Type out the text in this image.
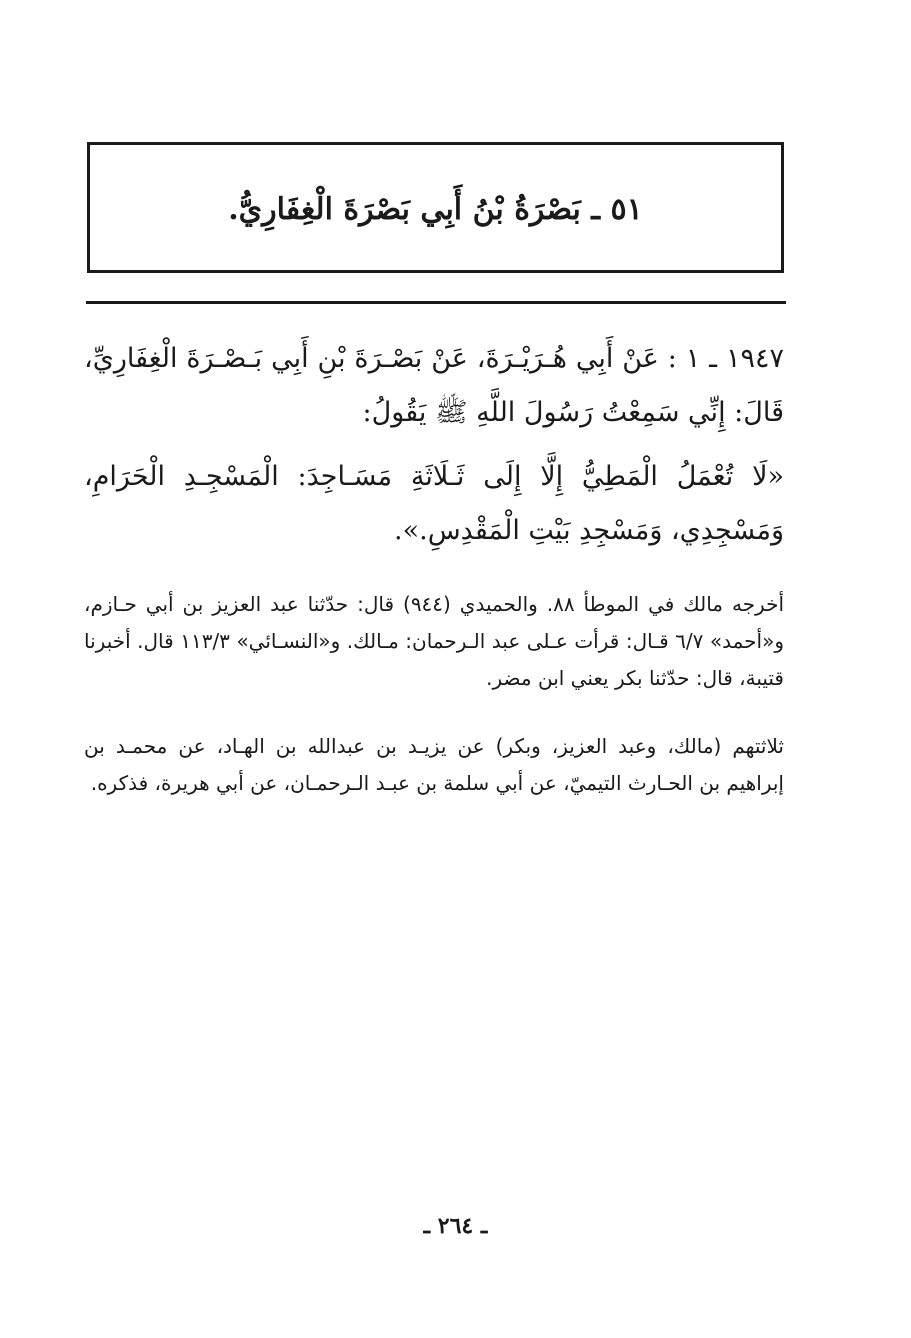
٥١ ـ بَصْرَةُ بْنُ أَبِي بَصْرَةَ الْغِفَارِيُّ.

١٩٤٧ ـ ١ : عَنْ أَبِي هُـرَيْـرَةَ، عَنْ بَصْـرَةَ بْنِ أَبِي بَـصْـرَةَ الْغِفَارِيِّ، قَالَ: إِنِّي سَمِعْتُ رَسُولَ اللَّهِ ﷺ يَقُولُ:

«لَا تُعْمَلُ الْمَطِيُّ إِلَّا إِلَى ثَـلَاثَةِ مَسَـاجِدَ: الْمَسْجِـدِ الْحَرَامِ، وَمَسْجِدِي، وَمَسْجِدِ بَيْتِ الْمَقْدِسِ.».

أخرجه مالك في الموطأ ٨٨. والحميدي (٩٤٤) قال: حدّثنا عبد العزيز بن أبي حـازم، و«أحمد» ٦/٧ قـال: قرأت عـلى عبد الـرحمان: مـالك. و«النسـائي» ١١٣/٣ قال. أخبرنا قتيبة، قال: حدّثنا بكر يعني ابن مضر.

ثلاثتهم (مالك، وعبد العزيز، وبكر) عن يزيـد بن عبدالله بن الهـاد، عن محمـد بن إبراهيم بن الحـارث التيميّ، عن أبي سلمة بن عبـد الـرحمـان، عن أبي هريرة، فذكره.

ـ ٢٦٤ ـ
